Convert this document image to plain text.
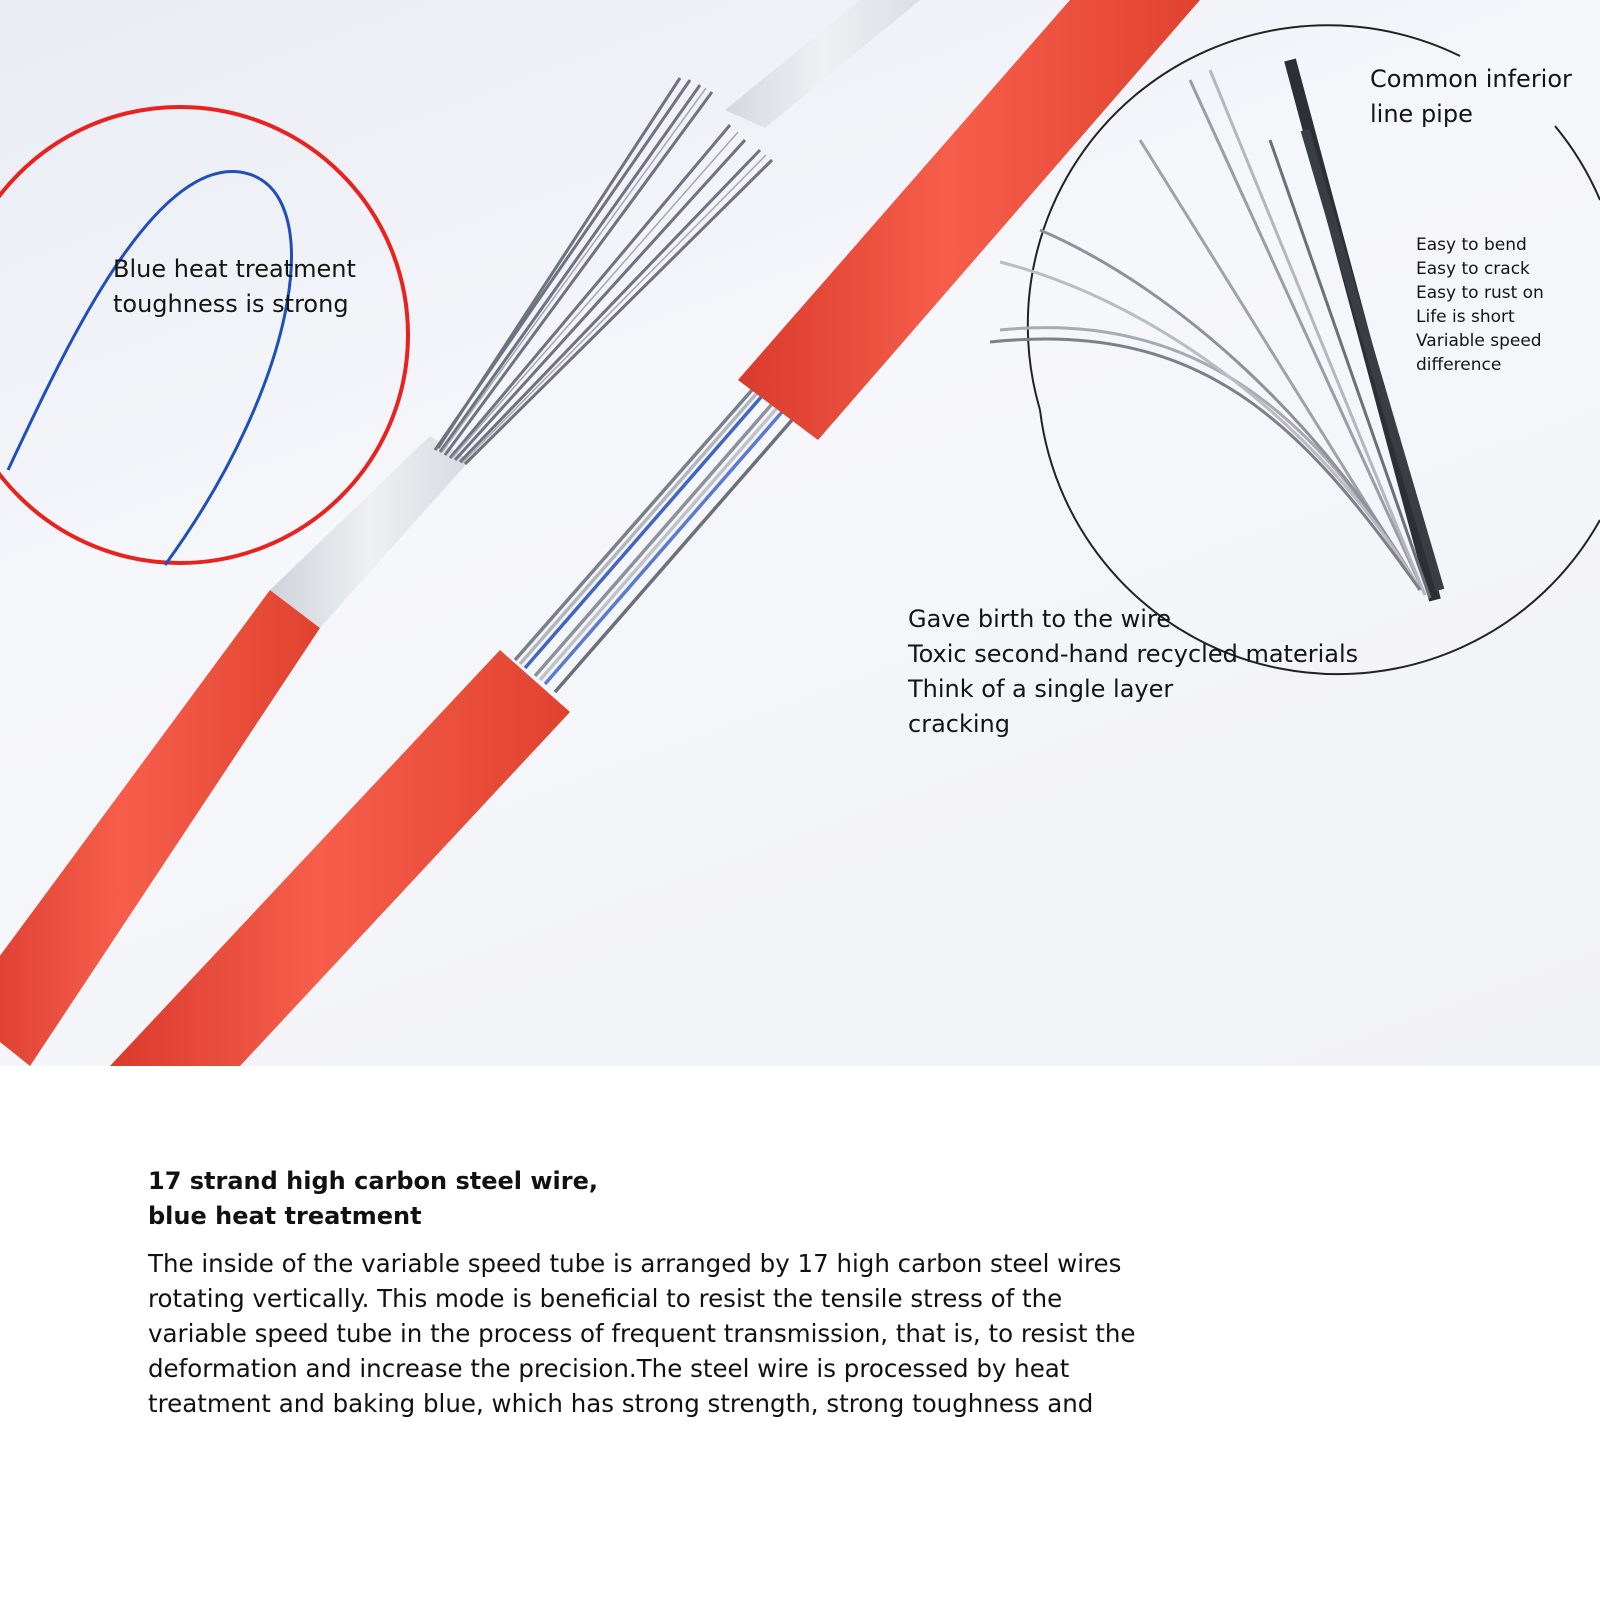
Blue heat treatment
toughness is strong
Common inferior
line pipe
Easy to bend
Easy to crack
Easy to rust on
Life is short
Variable speed
difference
Gave birth to the wire
Toxic second-hand recycled materials
Think of a single layer
cracking
17 strand high carbon steel wire,
blue heat treatment

The inside of the variable speed tube is arranged by 17 high carbon steel wires rotating vertically. This mode is beneficial to resist the tensile stress of the variable speed tube in the process of frequent transmission, that is, to resist the deformation and increase the precision.The steel wire is processed by heat treatment and baking blue, which has strong strength, strong toughness and
